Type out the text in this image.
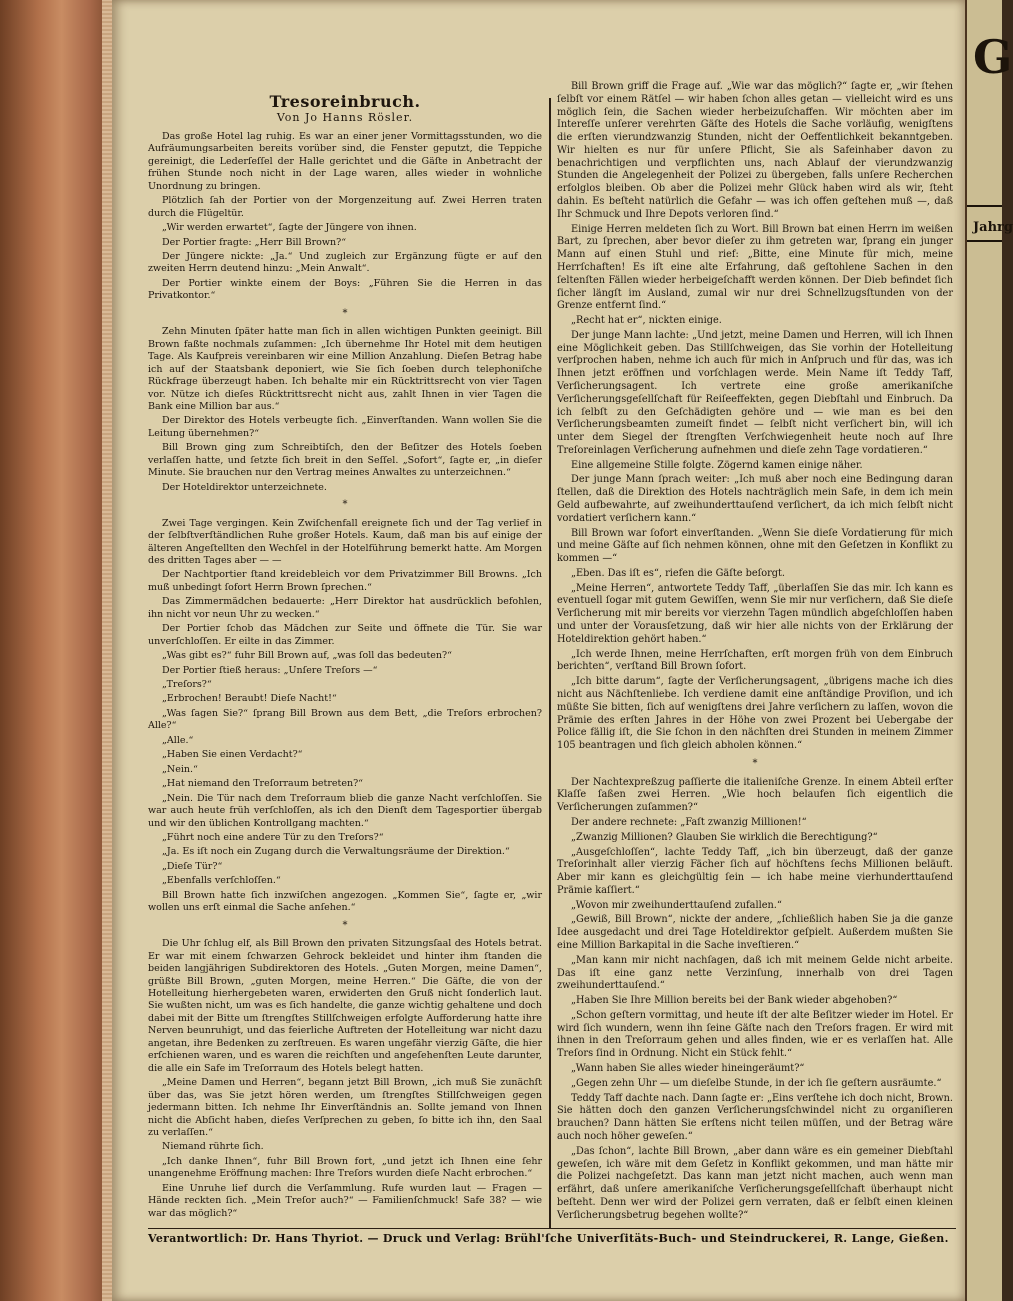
Tresoreinbruch.
Von Jo Hanns Rösler.

Das große Hotel lag ruhig. Es war an einer jener Vormittagsstunden, wo die Aufräumungsarbeiten bereits vorüber sind, die Fenster geputzt, die Teppiche gereinigt, die Lederſeſſel der Halle gerichtet und die Gäſte in Anbetracht der frühen Stunde noch nicht in der Lage waren, alles wieder in wohnliche Unordnung zu bringen.

Plötzlich ſah der Portier von der Morgenzeitung auf. Zwei Herren traten durch die Flügeltür.

„Wir werden erwartet“, ſagte der Jüngere von ihnen.

Der Portier fragte: „Herr Bill Brown?“

Der Jüngere nickte: „Ja.“ Und zugleich zur Ergänzung fügte er auf den zweiten Herrn deutend hinzu: „Mein Anwalt“.

Der Portier winkte einem der Boys: „Führen Sie die Herren in das Privatkontor.“

*

Zehn Minuten ſpäter hatte man ſich in allen wichtigen Punkten geeinigt. Bill Brown faßte nochmals zuſammen: „Ich übernehme Ihr Hotel mit dem heutigen Tage. Als Kaufpreis vereinbaren wir eine Million Anzahlung. Dieſen Betrag habe ich auf der Staatsbank deponiert, wie Sie ſich ſoeben durch telephoniſche Rückfrage überzeugt haben. Ich behalte mir ein Rücktrittsrecht von vier Tagen vor. Nütze ich dieſes Rücktrittsrecht nicht aus, zahlt Ihnen in vier Tagen die Bank eine Million bar aus.“

Der Direktor des Hotels verbeugte ſich. „Einverſtanden. Wann wollen Sie die Leitung übernehmen?“

Bill Brown ging zum Schreibtiſch, den der Beſitzer des Hotels ſoeben verlaſſen hatte, und ſetzte ſich breit in den Seſſel. „Sofort“, ſagte er, „in dieſer Minute. Sie brauchen nur den Vertrag meines Anwaltes zu unterzeichnen.“

Der Hoteldirektor unterzeichnete.

*

Zwei Tage vergingen. Kein Zwiſchenfall ereignete ſich und der Tag verlief in der ſelbſtverſtändlichen Ruhe großer Hotels. Kaum, daß man bis auf einige der älteren Angeſtellten den Wechſel in der Hotelführung bemerkt hatte. Am Morgen des dritten Tages aber — —

Der Nachtportier ſtand kreidebleich vor dem Privatzimmer Bill Browns. „Ich muß unbedingt ſofort Herrn Brown ſprechen.“

Das Zimmermädchen bedauerte: „Herr Direktor hat ausdrücklich befohlen, ihn nicht vor neun Uhr zu wecken.“

Der Portier ſchob das Mädchen zur Seite und öffnete die Tür. Sie war unverſchloſſen. Er eilte in das Zimmer.

„Was gibt es?“ fuhr Bill Brown auf, „was ſoll das bedeuten?“

Der Portier ſtieß heraus: „Unſere Treſors —“

„Treſors?“

„Erbrochen! Beraubt! Dieſe Nacht!“

„Was ſagen Sie?“ ſprang Bill Brown aus dem Bett, „die Treſors erbrochen? Alle?“

„Alle.“

„Haben Sie einen Verdacht?“

„Nein.“

„Hat niemand den Treſorraum betreten?“

„Nein. Die Tür nach dem Treſorraum blieb die ganze Nacht verſchloſſen. Sie war auch heute früh verſchloſſen, als ich den Dienſt dem Tagesportier übergab und wir den üblichen Kontrollgang machten.“

„Führt noch eine andere Tür zu den Treſors?“

„Ja. Es iſt noch ein Zugang durch die Verwaltungsräume der Direktion.“

„Dieſe Tür?“

„Ebenfalls verſchloſſen.“

Bill Brown hatte ſich inzwiſchen angezogen. „Kommen Sie“, ſagte er, „wir wollen uns erſt einmal die Sache anſehen.“

*

Die Uhr ſchlug elf, als Bill Brown den privaten Sitzungsſaal des Hotels betrat. Er war mit einem ſchwarzen Gehrock bekleidet und hinter ihm ſtanden die beiden langjährigen Subdirektoren des Hotels. „Guten Morgen, meine Damen“, grüßte Bill Brown, „guten Morgen, meine Herren.“ Die Gäſte, die von der Hotelleitung hierhergebeten waren, erwiderten den Gruß nicht ſonderlich laut. Sie wußten nicht, um was es ſich handelte, die ganze wichtig gehaltene und doch dabei mit der Bitte um ſtrengſtes Stillſchweigen erfolgte Aufforderung hatte ihre Nerven beunruhigt, und das feierliche Auftreten der Hotelleitung war nicht dazu angetan, ihre Bedenken zu zerſtreuen. Es waren ungefähr vierzig Gäſte, die hier erſchienen waren, und es waren die reichſten und angeſehenſten Leute darunter, die alle ein Safe im Treſorraum des Hotels belegt hatten.

„Meine Damen und Herren“, begann jetzt Bill Brown, „ich muß Sie zunächſt über das, was Sie jetzt hören werden, um ſtrengſtes Stillſchweigen gegen jedermann bitten. Ich nehme Ihr Einverſtändnis an. Sollte jemand von Ihnen nicht die Abſicht haben, dieſes Verſprechen zu geben, ſo bitte ich ihn, den Saal zu verlaſſen.“

Niemand rührte ſich.

„Ich danke Ihnen“, fuhr Bill Brown fort, „und jetzt ich Ihnen eine ſehr unangenehme Eröffnung machen: Ihre Treſors wurden dieſe Nacht erbrochen.“

Eine Unruhe lief durch die Verſammlung. Rufe wurden laut — Fragen — Hände reckten ſich. „Mein Treſor auch?“ — Familienſchmuck! Safe 38? — wie war das möglich?“

Bill Brown griff die Frage auf. „Wie war das möglich?“ ſagte er, „wir ſtehen ſelbſt vor einem Rätſel — wir haben ſchon alles getan — vielleicht wird es uns möglich ſein, die Sachen wieder herbeizuſchaffen. Wir möchten aber im Intereſſe unſerer verehrten Gäſte des Hotels die Sache vorläufig, wenigſtens die erſten vierundzwanzig Stunden, nicht der Oeffentlichkeit bekanntgeben. Wir hielten es nur für unſere Pflicht, Sie als Safeinhaber davon zu benachrichtigen und verpflichten uns, nach Ablauf der vierundzwanzig Stunden die Angelegenheit der Polizei zu übergeben, falls unſere Recherchen erfolglos bleiben. Ob aber die Polizei mehr Glück haben wird als wir, ſteht dahin. Es beſteht natürlich die Gefahr — was ich offen geſtehen muß —, daß Ihr Schmuck und Ihre Depots verloren ſind.“

Einige Herren meldeten ſich zu Wort. Bill Brown bat einen Herrn im weißen Bart, zu ſprechen, aber bevor dieſer zu ihm getreten war, ſprang ein junger Mann auf einen Stuhl und rief: „Bitte, eine Minute für mich, meine Herrſchaften! Es iſt eine alte Erfahrung, daß geſtohlene Sachen in den ſeltenſten Fällen wieder herbeigeſchafft werden können. Der Dieb befindet ſich ſicher längſt im Ausland, zumal wir nur drei Schnellzugsſtunden von der Grenze entfernt ſind.“

„Recht hat er“, nickten einige.

Der junge Mann lachte: „Und jetzt, meine Damen und Herren, will ich Ihnen eine Möglichkeit geben. Das Stillſchweigen, das Sie vorhin der Hotelleitung verſprochen haben, nehme ich auch für mich in Anſpruch und für das, was ich Ihnen jetzt eröffnen und vorſchlagen werde. Mein Name iſt Teddy Taff, Verſicherungsagent. Ich vertrete eine große amerikaniſche Verſicherungsgeſellſchaft für Reiſeeffekten, gegen Diebſtahl und Einbruch. Da ich ſelbſt zu den Geſchädigten gehöre und — wie man es bei den Verſicherungsbeamten zumeiſt findet — ſelbſt nicht verſichert bin, will ich unter dem Siegel der ſtrengſten Verſchwiegenheit heute noch auf Ihre Treſoreinlagen Verſicherung aufnehmen und dieſe zehn Tage vordatieren.“

Eine allgemeine Stille folgte. Zögernd kamen einige näher.

Der junge Mann ſprach weiter: „Ich muß aber noch eine Bedingung daran ſtellen, daß die Direktion des Hotels nachträglich mein Safe, in dem ich mein Geld aufbewahrte, auf zweihunderttauſend verſichert, da ich mich ſelbſt nicht vordatiert verſichern kann.“

Bill Brown war ſofort einverſtanden. „Wenn Sie dieſe Vordatierung für mich und meine Gäſte auf ſich nehmen können, ohne mit den Geſetzen in Konflikt zu kommen —“

„Eben. Das iſt es“, riefen die Gäſte beſorgt.

„Meine Herren“, antwortete Teddy Taff, „überlaſſen Sie das mir. Ich kann es eventuell ſogar mit gutem Gewiſſen, wenn Sie mir nur verſichern, daß Sie dieſe Verſicherung mit mir bereits vor vierzehn Tagen mündlich abgeſchloſſen haben und unter der Vorausſetzung, daß wir hier alle nichts von der Erklärung der Hoteldirektion gehört haben.“

„Ich werde Ihnen, meine Herrſchaften, erſt morgen früh von dem Einbruch berichten“, verſtand Bill Brown ſofort.

„Ich bitte darum“, ſagte der Verſicherungsagent, „übrigens mache ich dies nicht aus Nächſtenliebe. Ich verdiene damit eine anſtändige Proviſion, und ich müßte Sie bitten, ſich auf wenigſtens drei Jahre verſichern zu laſſen, wovon die Prämie des erſten Jahres in der Höhe von zwei Prozent bei Uebergabe der Police fällig iſt, die Sie ſchon in den nächſten drei Stunden in meinem Zimmer 105 beantragen und ſich gleich abholen können.“

*

Der Nachtexpreßzug paſſierte die italieniſche Grenze. In einem Abteil erſter Klaſſe ſaßen zwei Herren. „Wie hoch belaufen ſich eigentlich die Verſicherungen zuſammen?“

Der andere rechnete: „Faſt zwanzig Millionen!“

„Zwanzig Millionen? Glauben Sie wirklich die Berechtigung?“

„Ausgeſchloſſen“, lachte Teddy Taff, „ich bin überzeugt, daß der ganze Treſorinhalt aller vierzig Fächer ſich auf höchſtens ſechs Millionen beläuft. Aber mir kann es gleichgültig ſein — ich habe meine vierhunderttauſend Prämie kaſſiert.“

„Wovon mir zweihunderttauſend zufallen.“

„Gewiß, Bill Brown“, nickte der andere, „ſchließlich haben Sie ja die ganze Idee ausgedacht und drei Tage Hoteldirektor geſpielt. Außerdem mußten Sie eine Million Barkapital in die Sache inveſtieren.“

„Man kann mir nicht nachſagen, daß ich mit meinem Gelde nicht arbeite. Das iſt eine ganz nette Verzinſung, innerhalb von drei Tagen zweihunderttauſend.“

„Haben Sie Ihre Million bereits bei der Bank wieder abgehoben?“

„Schon geſtern vormittag, und heute iſt der alte Beſitzer wieder im Hotel. Er wird ſich wundern, wenn ihn ſeine Gäſte nach den Treſors fragen. Er wird mit ihnen in den Treſorraum gehen und alles finden, wie er es verlaſſen hat. Alle Treſors ſind in Ordnung. Nicht ein Stück fehlt.“

„Wann haben Sie alles wieder hineingeräumt?“

„Gegen zehn Uhr — um dieſelbe Stunde, in der ich ſie geſtern ausräumte.“

Teddy Taff dachte nach. Dann ſagte er: „Eins verſtehe ich doch nicht, Brown. Sie hätten doch den ganzen Verſicherungsſchwindel nicht zu organiſieren brauchen? Dann hätten Sie erſtens nicht teilen müſſen, und der Betrag wäre auch noch höher geweſen.“

„Das ſchon“, lachte Bill Brown, „aber dann wäre es ein gemeiner Diebſtahl geweſen, ich wäre mit dem Geſetz in Konflikt gekommen, und man hätte mir die Polizei nachgeſetzt. Das kann man jetzt nicht machen, auch wenn man erfährt, daß unſere amerikaniſche Verſicherungsgeſellſchaft überhaupt nicht beſteht. Denn wer wird der Polizei gern verraten, daß er ſelbſt einen kleinen Verſicherungsbetrug begehen wollte?“

Verantwortlich: Dr. Hans Thyriot. — Druck und Verlag: Brühl'ſche Univerſitäts-Buch- und Steindruckerei, R. Lange, Gießen.
G
Jahrg
